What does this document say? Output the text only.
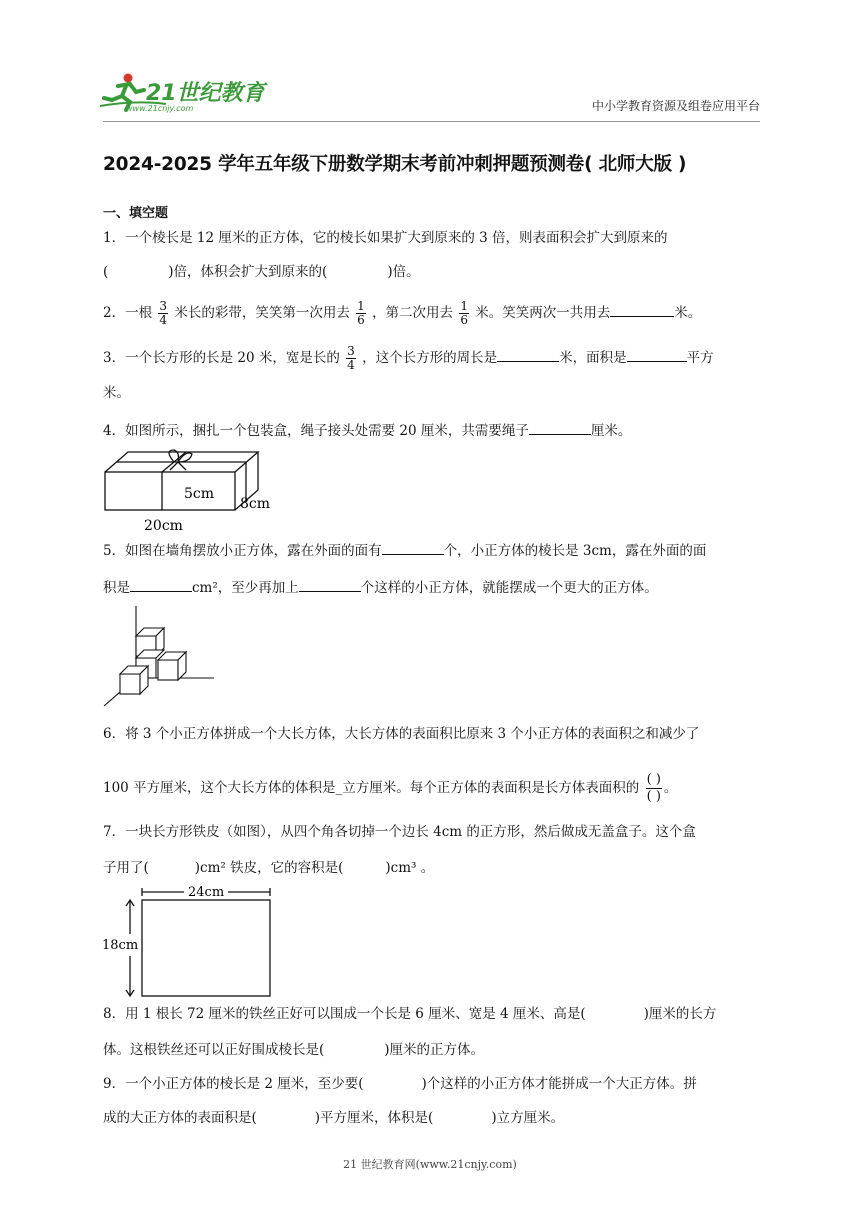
21世纪教育
www.21cnjy.com	中小学教育资源及组卷应用平台
2024-2025 学年五年级下册数学期末考前冲刺押题预测卷( 北师大版 )
一、填空题
1．一个棱长是 12 厘米的正方体，它的棱长如果扩大到原来的 3 倍，则表面积会扩大到原来的
(	)倍，体积会扩大到原来的(	)倍。
2．一根 $\frac{3}{4}$ 米长的彩带，笑笑第一次用去 $\frac{1}{6}$ ，第二次用去 $\frac{1}{6}$ 米。笑笑两次一共用去	米。
3．一个长方形的长是 20 米，宽是长的 $\frac{3}{4}$ ，这个长方形的周长是	米，面积是	平方
米。
4．如图所示，捆扎一个包装盒，绳子接头处需要 20 厘米，共需要绳子	厘米。
5cm
8cm
20cm
5．如图在墙角摆放小正方体，露在外面的面有	个，小正方体的棱长是 3cm，露在外面的面
积是	cm²，至少再加上	个这样的小正方体，就能摆成一个更大的正方体。
6．将 3 个小正方体拼成一个大长方体，大长方体的表面积比原来 3 个小正方体的表面积之和减少了
100 平方厘米，这个大长方体的体积是_立方厘米。每个正方体的表面积是长方体表面积的 $\frac{( )}{( )}$ 。
7．一块长方形铁皮（如图），从四个角各切掉一个边长 4cm 的正方形，然后做成无盖盒子。这个盒
子用了(	)cm² 铁皮，它的容积是(	)cm³ 。
24cm
18cm
8．用 1 根长 72 厘米的铁丝正好可以围成一个长是 6 厘米、宽是 4 厘米、高是(	)厘米的长方
体。这根铁丝还可以正好围成棱长是(	)厘米的正方体。
9．一个小正方体的棱长是 2 厘米，至少要(	)个这样的小正方体才能拼成一个大正方体。拼
成的大正方体的表面积是(	)平方厘米，体积是(	)立方厘米。
21 世纪教育网(www.21cnjy.com)
